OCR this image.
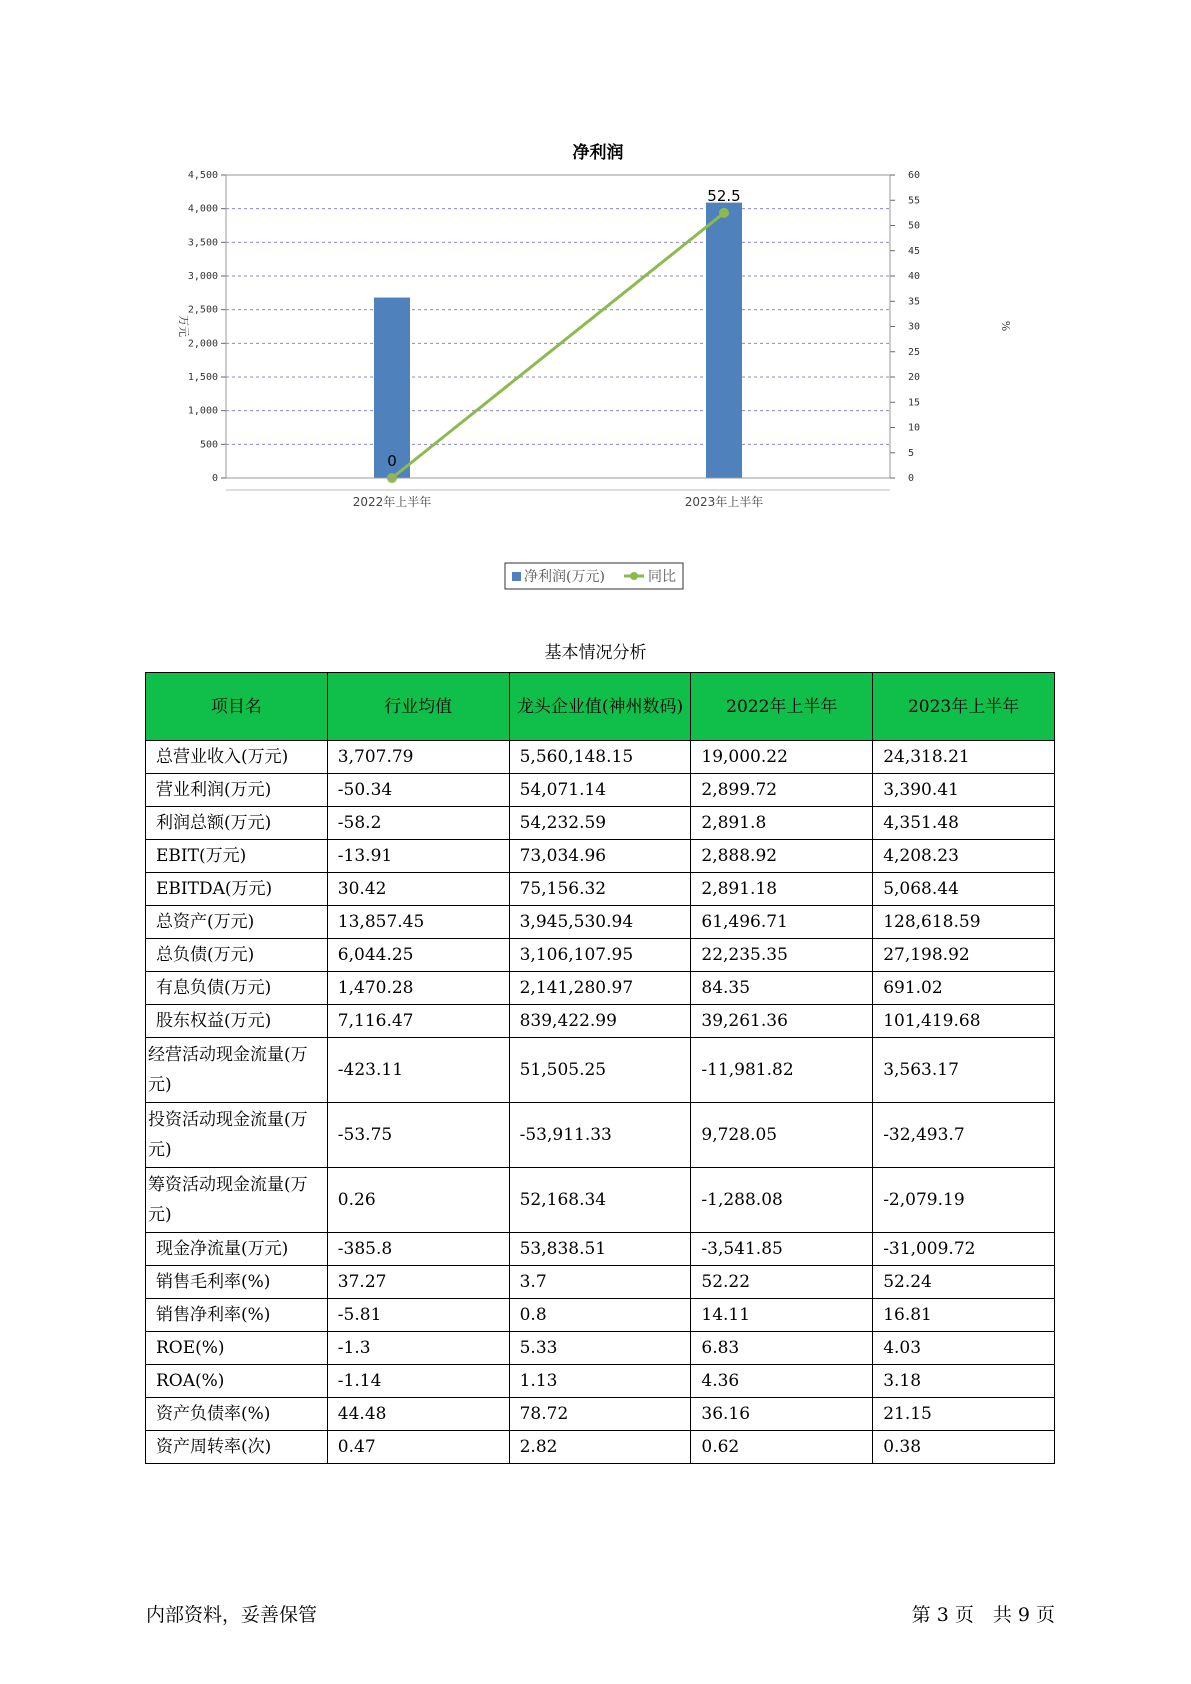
净利润
0
52.5
0
500
1,000
1,500
2,000
2,500
3,000
3,500
4,000
4,500
0
5
10
15
20
25
30
35
40
45
50
55
60
2022年上半年	2023年上半年
万元	%
净利润(万元)	同比
基本情况分析
项目名	行业均值	龙头企业值(神州数码)	2022年上半年	2023年上半年
总营业收入(万元)	3,707.79	5,560,148.15	19,000.22	24,318.21
营业利润(万元)	-50.34	54,071.14	2,899.72	3,390.41
利润总额(万元)	-58.2	54,232.59	2,891.8	4,351.48
EBIT(万元)	-13.91	73,034.96	2,888.92	4,208.23
EBITDA(万元)	30.42	75,156.32	2,891.18	5,068.44
总资产(万元)	13,857.45	3,945,530.94	61,496.71	128,618.59
总负债(万元)	6,044.25	3,106,107.95	22,235.35	27,198.92
有息负债(万元)	1,470.28	2,141,280.97	84.35	691.02
股东权益(万元)	7,116.47	839,422.99	39,261.36	101,419.68
经营活动现金流量(万元)	-423.11	51,505.25	-11,981.82	3,563.17
投资活动现金流量(万元)	-53.75	-53,911.33	9,728.05	-32,493.7
筹资活动现金流量(万元)	0.26	52,168.34	-1,288.08	-2,079.19
现金净流量(万元)	-385.8	53,838.51	-3,541.85	-31,009.72
销售毛利率(%)	37.27	3.7	52.22	52.24
销售净利率(%)	-5.81	0.8	14.11	16.81
ROE(%)	-1.3	5.33	6.83	4.03
ROA(%)	-1.14	1.13	4.36	3.18
资产负债率(%)	44.48	78.72	36.16	21.15
资产周转率(次)	0.47	2.82	0.62	0.38
内部资料，妥善保管	第 3 页　共 9 页
